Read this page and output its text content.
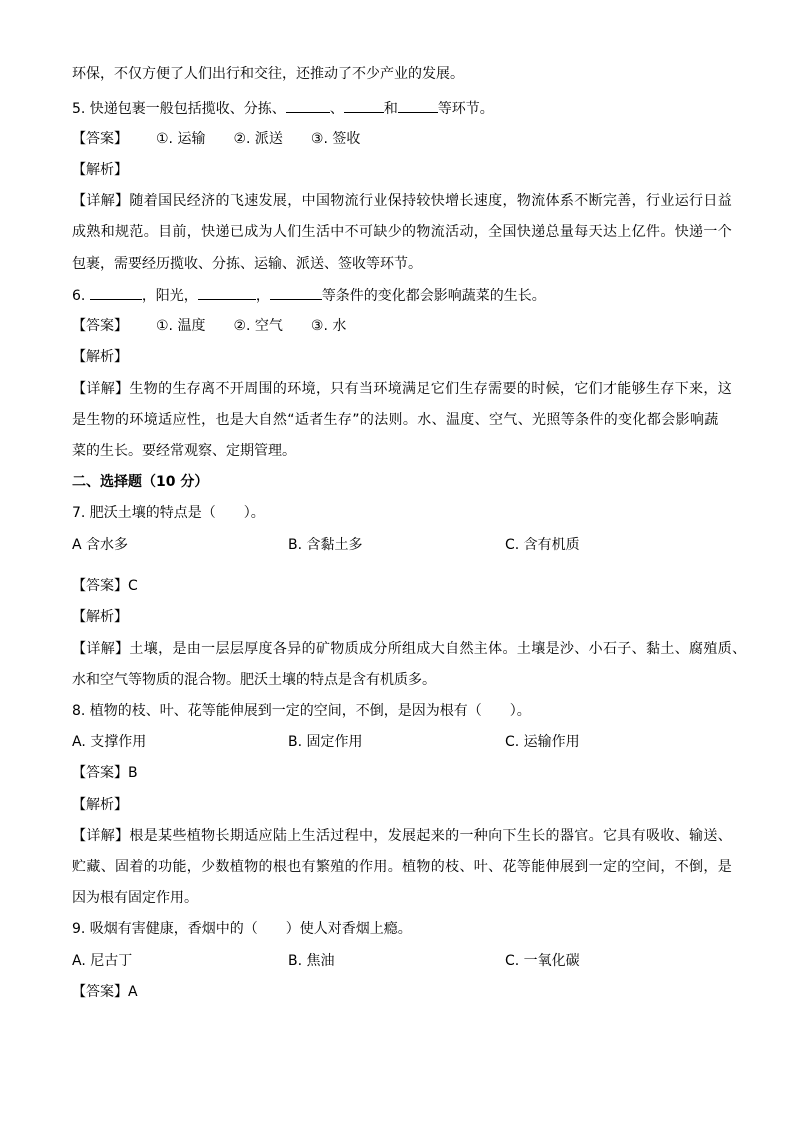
环保，不仅方便了人们出行和交往，还推动了不少产业的发展。
5. 快递包裹一般包括揽收、分拣、	、	和	等环节。
【答案】 ①. 运输 ②. 派送 ③. 签收
【解析】
【详解】随着国民经济的飞速发展，中国物流行业保持较快增长速度，物流体系不断完善，行业运行日益
成熟和规范。目前，快递已成为人们生活中不可缺少的物流活动，全国快递总量每天达上亿件。快递一个
包裹，需要经历揽收、分拣、运输、派送、签收等环节。
6.	，阳光，	，	等条件的变化都会影响蔬菜的生长。
【答案】 ①. 温度 ②. 空气 ③. 水
【解析】
【详解】生物的生存离不开周围的环境，只有当环境满足它们生存需要的时候，它们才能够生存下来，这
是生物的环境适应性，也是大自然“适者生存”的法则。水、温度、空气、光照等条件的变化都会影响蔬
菜的生长。要经常观察、定期管理。
二、选择题（10 分）
7. 肥沃土壤的特点是（　　）。
A 含水多	B. 含黏土多	C. 含有机质
【答案】C
【解析】
【详解】土壤，是由一层层厚度各异的矿物质成分所组成大自然主体。土壤是沙、小石子、黏土、腐殖质、
水和空气等物质的混合物。肥沃土壤的特点是含有机质多。
8. 植物的枝、叶、花等能伸展到一定的空间，不倒，是因为根有（　　）。
A. 支撑作用	B. 固定作用	C. 运输作用
【答案】B
【解析】
【详解】根是某些植物长期适应陆上生活过程中，发展起来的一种向下生长的器官。它具有吸收、输送、
贮藏、固着的功能，少数植物的根也有繁殖的作用。植物的枝、叶、花等能伸展到一定的空间，不倒，是
因为根有固定作用。
9. 吸烟有害健康，香烟中的（　　）使人对香烟上瘾。
A. 尼古丁	B. 焦油	C. 一氧化碳
【答案】A
